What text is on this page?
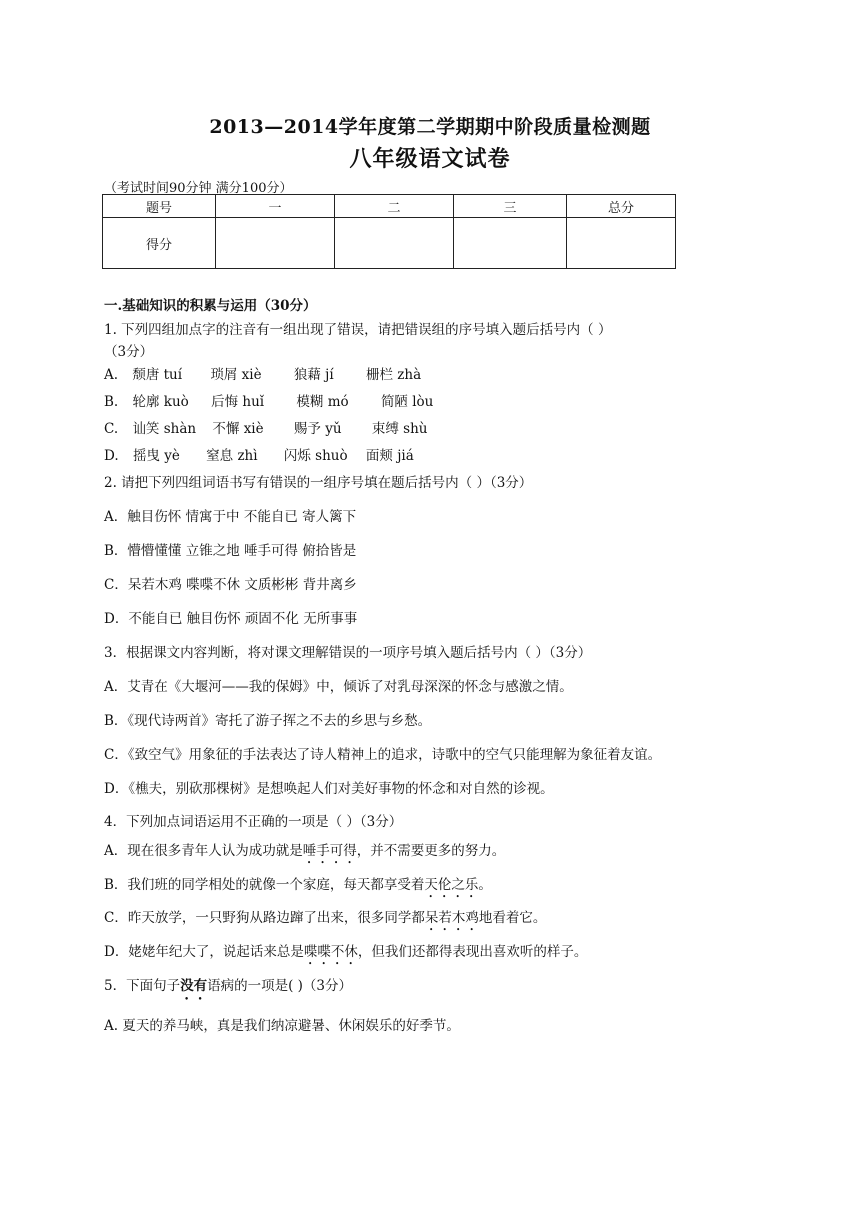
2013—2014学年度第二学期期中阶段质量检测题
八年级语文试卷
（考试时间90分钟 满分100分）
题号	一	二	三	总分
得分				
一.基础知识的积累与运用（30分）
1. 下列四组加点字的注音有一组出现了错误，请把错误组的序号填入题后括号内（ ）
（3分）
A. 颓唐 tuí 琐屑 xiè 狼藉 jí 栅栏 zhà
B. 轮廓 kuò 后悔 huǐ 模糊 mó 简陋 lòu
C. 讪笑 shàn 不懈 xiè 赐予 yǔ 束缚 shù
D. 摇曳 yè 窒息 zhì 闪烁 shuò 面颊 jiá
2. 请把下列四组词语书写有错误的一组序号填在题后括号内（ ）（3分）
A．触目伤怀 情寓于中 不能自已 寄人篱下
B．懵懵懂懂 立锥之地 唾手可得 俯拾皆是
C．呆若木鸡 喋喋不休 文质彬彬 背井离乡
D．不能自已 触目伤怀 顽固不化 无所事事
3．根据课文内容判断，将对课文理解错误的一项序号填入题后括号内（ ）（3分）
A．艾青在《大堰河——我的保姆》中，倾诉了对乳母深深的怀念与感激之情。
B．《现代诗两首》寄托了游子挥之不去的乡思与乡愁。
C．《致空气》用象征的手法表达了诗人精神上的追求，诗歌中的空气只能理解为象征着友谊。
D．《樵夫，别砍那棵树》是想唤起人们对美好事物的怀念和对自然的诊视。
4．下列加点词语运用不正确的一项是（ ）（3分）
A．现在很多青年人认为成功就是唾手可得，并不需要更多的努力。
B．我们班的同学相处的就像一个家庭，每天都享受着天伦之乐。
C．昨天放学，一只野狗从路边蹿了出来，很多同学都呆若木鸡地看着它。
D．姥姥年纪大了，说起话来总是喋喋不休，但我们还都得表现出喜欢听的样子。
5．下面句子没有语病的一项是( )（3分）
A. 夏天的养马峡，真是我们纳凉避暑、休闲娱乐的好季节。
